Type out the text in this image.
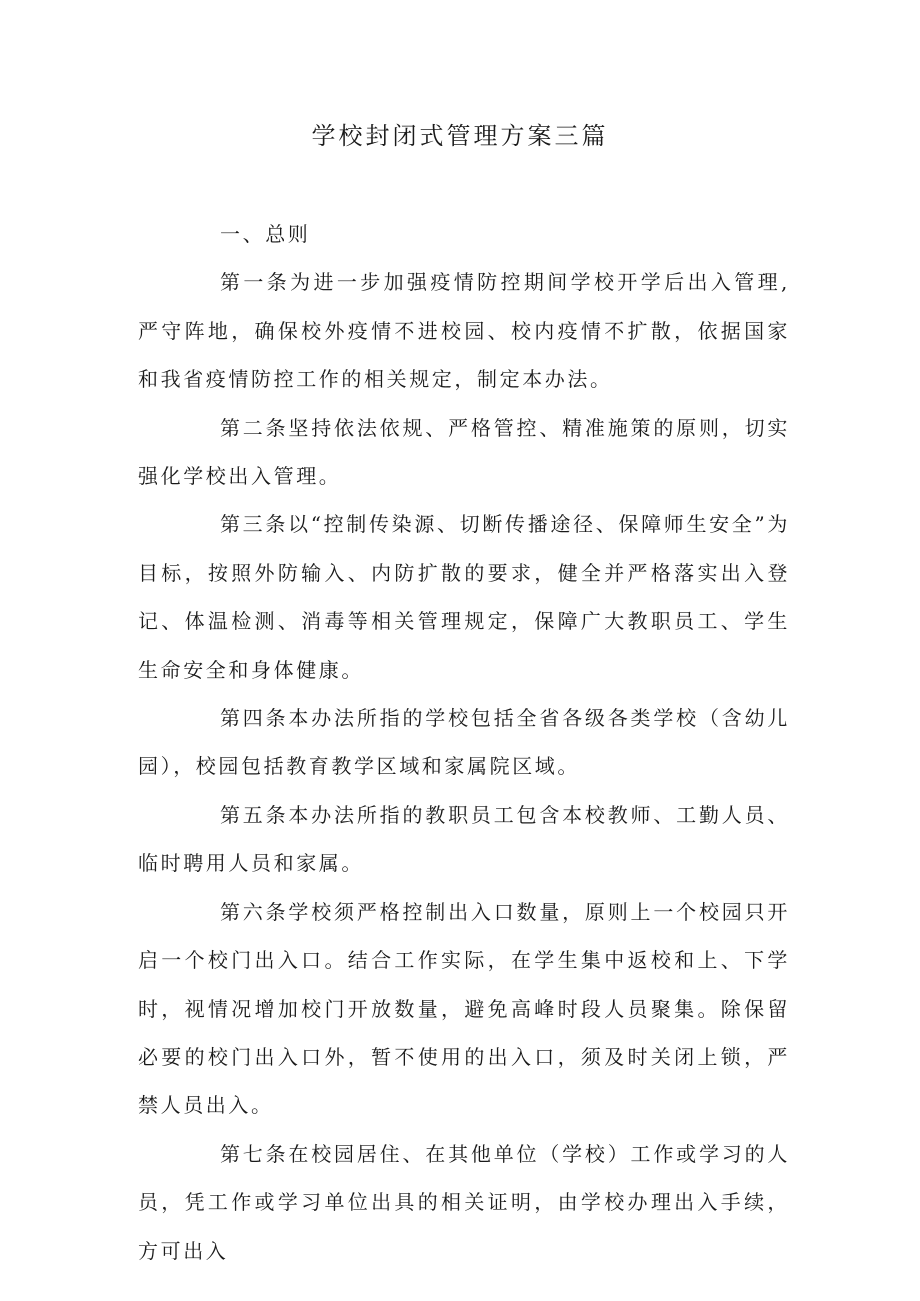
学校封闭式管理方案三篇

一、总则

第一条为进一步加强疫情防控期间学校开学后出入管理,严守阵地，确保校外疫情不进校园、校内疫情不扩散，依据国家和我省疫情防控工作的相关规定，制定本办法。

第二条坚持依法依规、严格管控、精准施策的原则，切实强化学校出入管理。

第三条以“控制传染源、切断传播途径、保障师生安全”为目标，按照外防输入、内防扩散的要求，健全并严格落实出入登记、体温检测、消毒等相关管理规定，保障广大教职员工、学生生命安全和身体健康。

第四条本办法所指的学校包括全省各级各类学校（含幼儿园），校园包括教育教学区域和家属院区域。

第五条本办法所指的教职员工包含本校教师、工勤人员、临时聘用人员和家属。

第六条学校须严格控制出入口数量，原则上一个校园只开启一个校门出入口。结合工作实际，在学生集中返校和上、下学时，视情况增加校门开放数量，避免高峰时段人员聚集。除保留必要的校门出入口外，暂不使用的出入口，须及时关闭上锁，严禁人员出入。

第七条在校园居住、在其他单位（学校）工作或学习的人员，凭工作或学习单位出具的相关证明，由学校办理出入手续，方可出入
